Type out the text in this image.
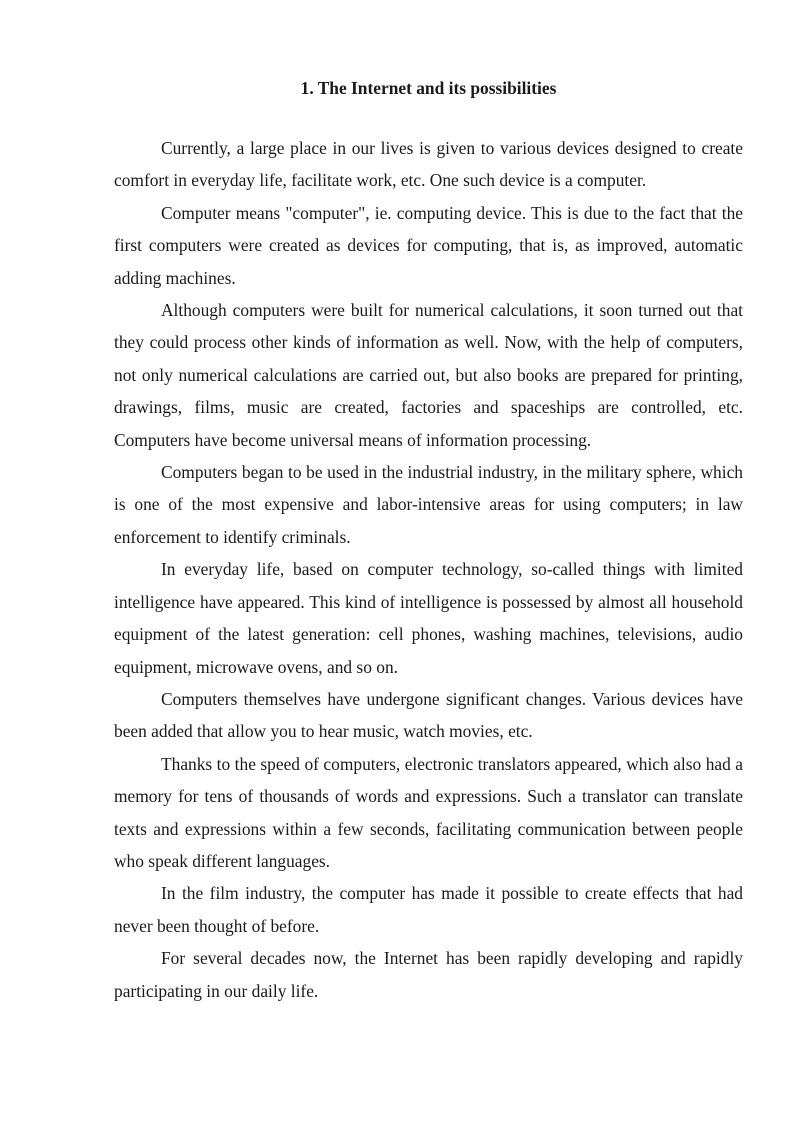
1. The Internet and its possibilities

Currently, a large place in our lives is given to various devices designed to create comfort in everyday life, facilitate work, etc. One such device is a computer.

Computer means "computer", ie. computing device. This is due to the fact that the first computers were created as devices for computing, that is, as improved, automatic adding machines.

Although computers were built for numerical calculations, it soon turned out that they could process other kinds of information as well. Now, with the help of computers, not only numerical calculations are carried out, but also books are prepared for printing, drawings, films, music are created, factories and spaceships are controlled, etc. Computers have become universal means of information processing.

Computers began to be used in the industrial industry, in the military sphere, which is one of the most expensive and labor-intensive areas for using computers; in law enforcement to identify criminals.

In everyday life, based on computer technology, so-called things with limited intelligence have appeared. This kind of intelligence is possessed by almost all household equipment of the latest generation: cell phones, washing machines, televisions, audio equipment, microwave ovens, and so on.

Computers themselves have undergone significant changes. Various devices have been added that allow you to hear music, watch movies, etc.

Thanks to the speed of computers, electronic translators appeared, which also had a memory for tens of thousands of words and expressions. Such a translator can translate texts and expressions within a few seconds, facilitating communication between people who speak different languages.

In the film industry, the computer has made it possible to create effects that had never been thought of before.

For several decades now, the Internet has been rapidly developing and rapidly participating in our daily life.
